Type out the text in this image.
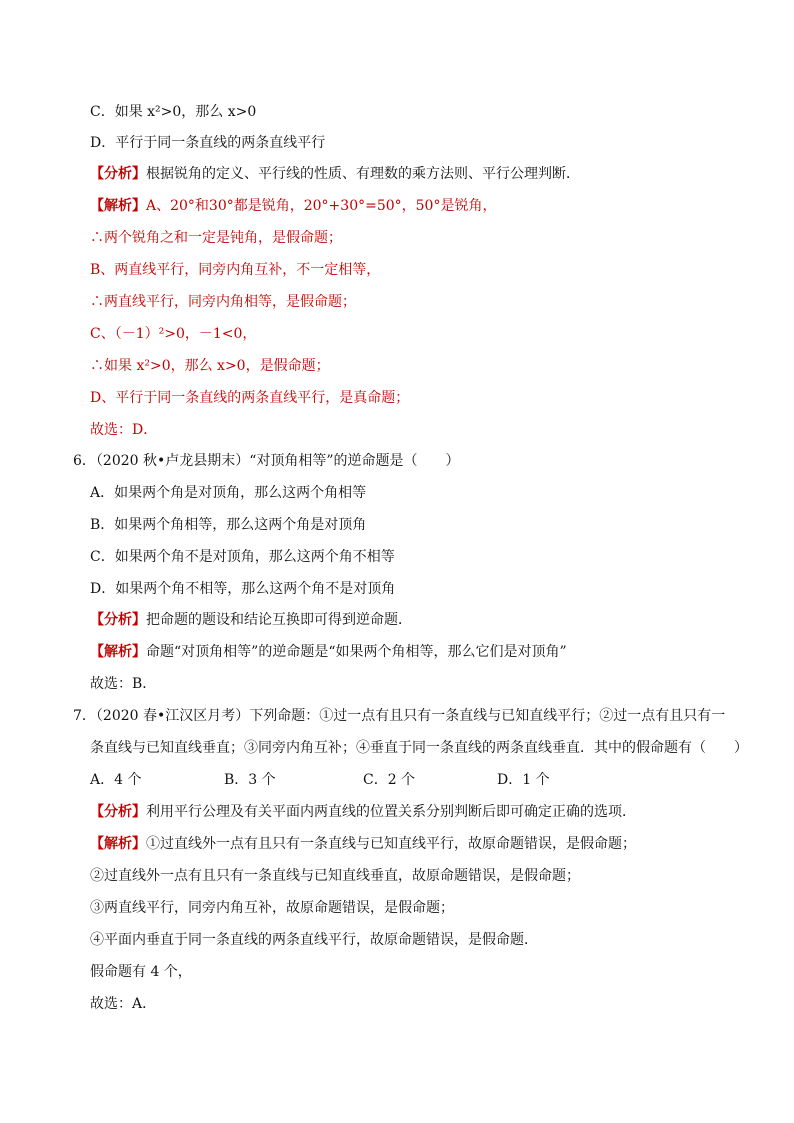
C．如果 x²>0，那么 x>0
D．平行于同一条直线的两条直线平行
【分析】根据锐角的定义、平行线的性质、有理数的乘方法则、平行公理判断．
【解析】A、20°和30°都是锐角，20°+30°=50°，50°是锐角，
∴两个锐角之和一定是钝角，是假命题；
B、两直线平行，同旁内角互补，不一定相等，
∴两直线平行，同旁内角相等，是假命题；
C、（－1）²>0，－1<0，
∴如果 x²>0，那么 x>0，是假命题；
D、平行于同一条直线的两条直线平行，是真命题；
故选：D．
6．（2020 秋•卢龙县期末）“对顶角相等”的逆命题是（　　）
A．如果两个角是对顶角，那么这两个角相等
B．如果两个角相等，那么这两个角是对顶角
C．如果两个角不是对顶角，那么这两个角不相等
D．如果两个角不相等，那么这两个角不是对顶角
【分析】把命题的题设和结论互换即可得到逆命题．
【解析】命题“对顶角相等”的逆命题是“如果两个角相等，那么它们是对顶角”
故选：B．
7．（2020 春•江汉区月考）下列命题：①过一点有且只有一条直线与已知直线平行；②过一点有且只有一
条直线与已知直线垂直；③同旁内角互补；④垂直于同一条直线的两条直线垂直．其中的假命题有（　　）
A．4 个	B．3 个	C．2 个	D．1 个
【分析】利用平行公理及有关平面内两直线的位置关系分别判断后即可确定正确的选项．
【解析】①过直线外一点有且只有一条直线与已知直线平行，故原命题错误，是假命题；
②过直线外一点有且只有一条直线与已知直线垂直，故原命题错误，是假命题；
③两直线平行，同旁内角互补，故原命题错误，是假命题；
④平面内垂直于同一条直线的两条直线平行，故原命题错误，是假命题．
假命题有 4 个，
故选：A．
